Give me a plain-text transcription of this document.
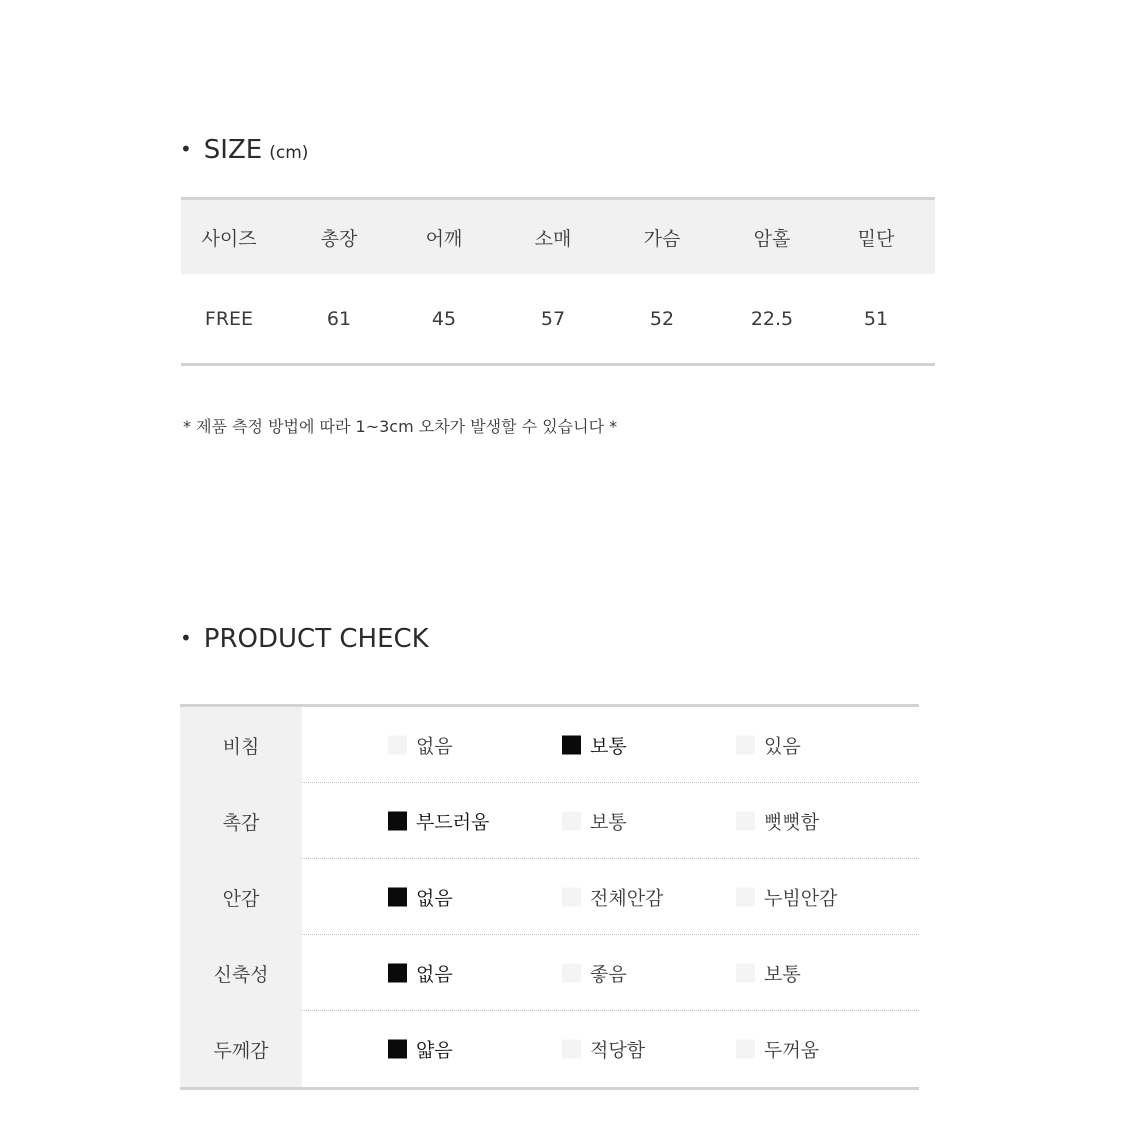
• SIZE (cm)
사이즈	총장	어깨	소매	가슴	암홀	밑단
FREE	61	45	57	52	22.5	51
* 제품 측정 방법에 따라 1~3cm 오차가 발생할 수 있습니다 *
• PRODUCT CHECK
비침	없음	보통	있음
촉감	부드러움	보통	뻣뻣함
안감	없음	전체안감	누빔안감
신축성	없음	좋음	보통
두께감	얇음	적당함	두꺼움
